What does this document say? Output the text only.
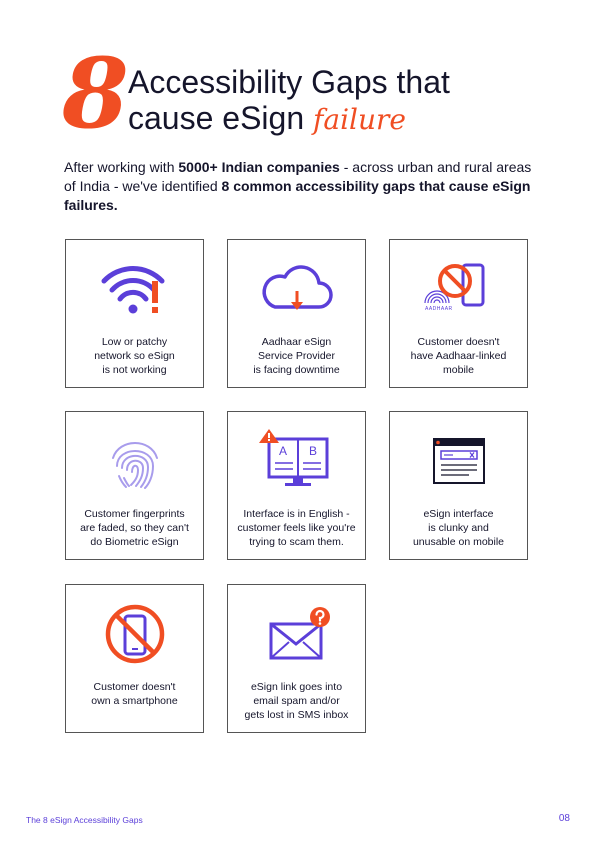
8 Accessibility Gaps that
cause eSign failure

After working with 5000+ Indian companies - across urban and rural areas of India - we've identified 8 common accessibility gaps that cause eSign failures.

Low or patchy
network so eSign
is not working
Aadhaar eSign
Service Provider
is facing downtime
AADHAAR
Customer doesn't
have Aadhaar-linked
mobile
Customer fingerprints
are faded, so they can't
do Biometric eSign
A B
Interface is in English -
customer feels like you're
trying to scam them.
eSign interface
is clunky and
unusable on mobile
Customer doesn't
own a smartphone
eSign link goes into
email spam and/or
gets lost in SMS inbox
The 8 eSign Accessibility Gaps	08
